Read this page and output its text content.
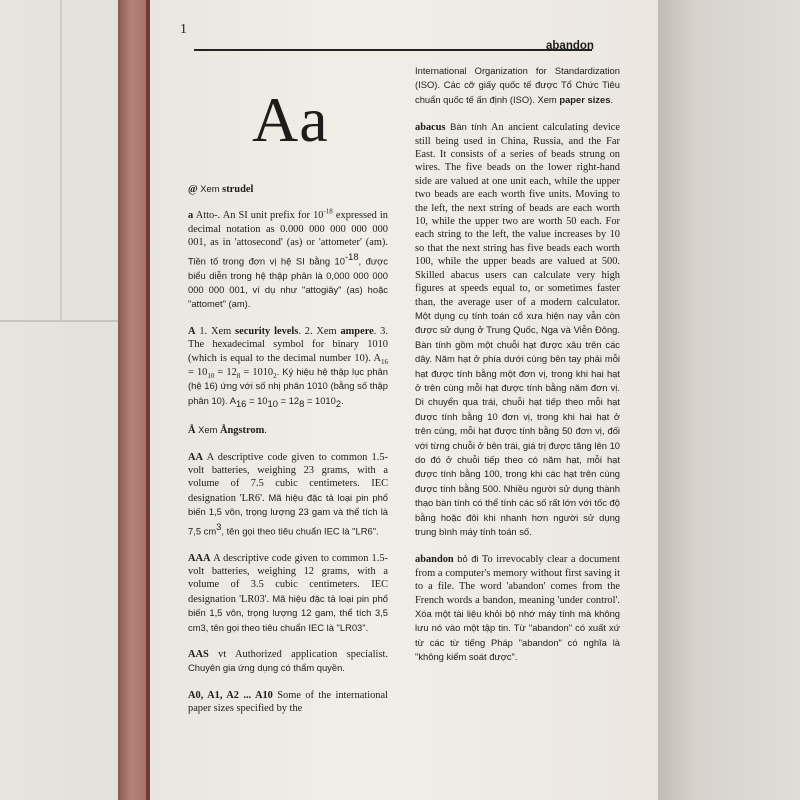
1
abandon
Aa
@ Xem strudel
a Atto-. An SI unit prefix for $10^{-18}$ expressed in decimal notation as 0.000 000 000 000 000 001, as in 'attosecond' (as) or 'attometer' (am). Tiền tố trong đơn vị hệ SI bằng $10^{-18}$, được biểu diễn trong hệ thập phân là 0,000 000 000 000 000 001, ví dụ như "attogiây" (as) hoặc "attomet" (am).
A 1. Xem security levels. 2. Xem ampere. 3. The hexadecimal symbol for binary 1010 (which is equal to the decimal number 10). $A_{16} = 10_{10} = 12_8 = 1010_2$. Ký hiệu hệ thập lục phân (hệ 16) ứng với số nhị phân 1010 (bằng số thập phân 10). $A_{16} = 10_{10} = 12_8 = 1010_2$.
Å Xem Ångstrom.
AA A descriptive code given to common 1.5-volt batteries, weighing 23 grams, with a volume of 7.5 cubic centimeters. IEC designation 'LR6'. Mã hiệu đặc tả loại pin phổ biến 1,5 vôn, trọng lượng 23 gam và thể tích là 7,5 $cm^3$, tên gọi theo tiêu chuẩn IEC là "LR6".
AAA A descriptive code given to common 1.5-volt batteries, weighing 12 grams, with a volume of 3.5 cubic centimeters. IEC designation 'LR03'. Mã hiệu đặc tả loại pin phổ biến 1,5 vôn, trọng lượng 12 gam, thể tích 3,5 cm3, tên gọi theo tiêu chuẩn IEC là "LR03".
AAS vt Authorized application specialist. Chuyên gia ứng dụng có thẩm quyền.
A0, A1, A2 ... A10 Some of the international paper sizes specified by the
International Organization for Standardization (ISO). Các cỡ giấy quốc tế được Tổ Chức Tiêu chuẩn quốc tế ấn định (ISO). Xem paper sizes.
abacus Bàn tính An ancient calculating device still being used in China, Russia, and the Far East. It consists of a series of beads strung on wires. The five beads on the lower right-hand side are valued at one unit each, while the upper two beads are each worth five units. Moving to the left, the next string of beads are each worth 10, while the upper two are worth 50 each. For each string to the left, the value increases by 10 so that the next string has five beads each worth 100, while the upper beads are valued at 500. Skilled abacus users can calculate very high figures at speeds equal to, or sometimes faster than, the average user of a modern calculator. Một dụng cụ tính toán cổ xưa hiện nay vẫn còn được sử dụng ở Trung Quốc, Nga và Viễn Đông. Bàn tính gồm một chuỗi hạt được xâu trên các dây. Năm hạt ở phía dưới cùng bên tay phải mỗi hạt được tính bằng một đơn vị, trong khi hai hạt ở trên cùng mỗi hạt được tính bằng năm đơn vị. Di chuyển qua trái, chuỗi hạt tiếp theo mỗi hạt được tính bằng 10 đơn vị, trong khi hai hạt ở trên cùng, mỗi hạt được tính bằng 50 đơn vị, đối với từng chuỗi ở bên trái, giá trị được tăng lên 10 do đó ở chuỗi tiếp theo có năm hạt, mỗi hạt được tính bằng 100, trong khi các hạt trên cùng được tính bằng 500. Nhiều người sử dụng thành thạo bàn tính có thể tính các số rất lớn với tốc độ bằng hoặc đôi khi nhanh hơn người sử dụng trung bình máy tính toán số.
abandon bỏ đi To irrevocably clear a document from a computer's memory without first saving it to a file. The word 'abandon' comes from the French words a bandon, meaning 'under control'. Xóa một tài liệu khỏi bộ nhớ máy tính mà không lưu nó vào một tập tin. Từ "abandon" có xuất xứ từ các từ tiếng Pháp "abandon" có nghĩa là "không kiểm soát được".
